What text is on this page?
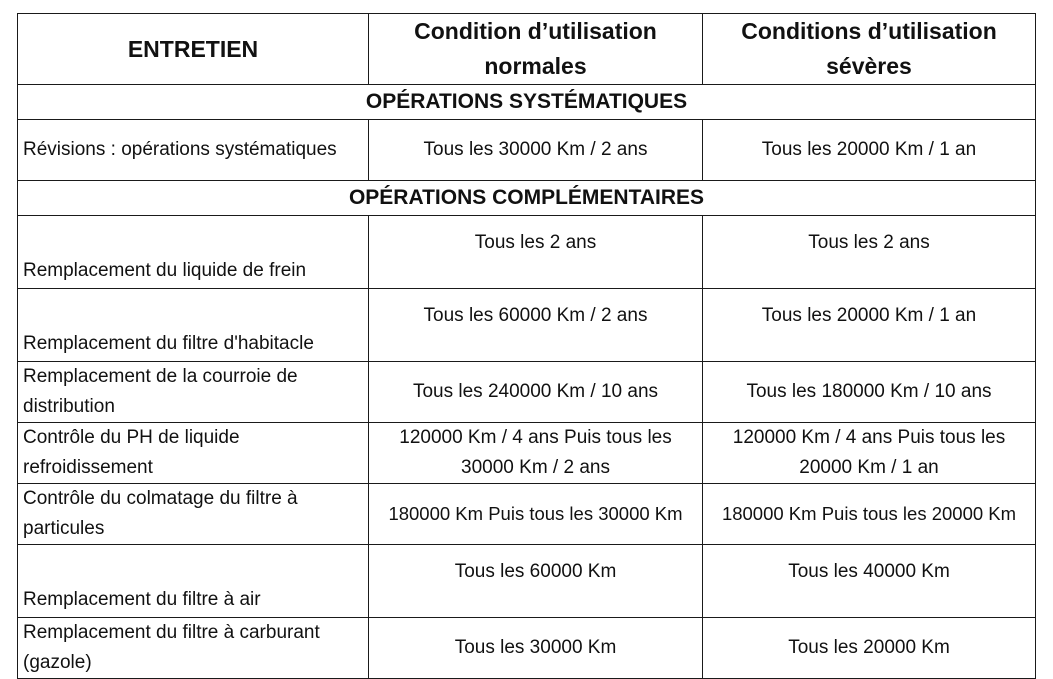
ENTRETIEN	Condition d’utilisation normales	Conditions d’utilisation sévères
OPÉRATIONS SYSTÉMATIQUES		
Révisions : opérations systématiques	Tous les 30000 Km / 2 ans	Tous les 20000 Km / 1 an
OPÉRATIONS COMPLÉMENTAIRES		
Remplacement du liquide de frein	Tous les 2 ans	Tous les 2 ans
Remplacement du filtre d'habitacle	Tous les 60000 Km / 2 ans	Tous les 20000 Km / 1 an
Remplacement de la courroie de distribution	Tous les 240000 Km / 10 ans	Tous les 180000 Km / 10 ans
Contrôle du PH de liquide refroidissement	120000 Km / 4 ans Puis tous les 30000 Km / 2 ans	120000 Km / 4 ans Puis tous les 20000 Km / 1 an
Contrôle du colmatage du filtre à particules	180000 Km Puis tous les 30000 Km	180000 Km Puis tous les 20000 Km
Remplacement du filtre à air	Tous les 60000 Km	Tous les 40000 Km
Remplacement du filtre à carburant (gazole)	Tous les 30000 Km	Tous les 20000 Km
